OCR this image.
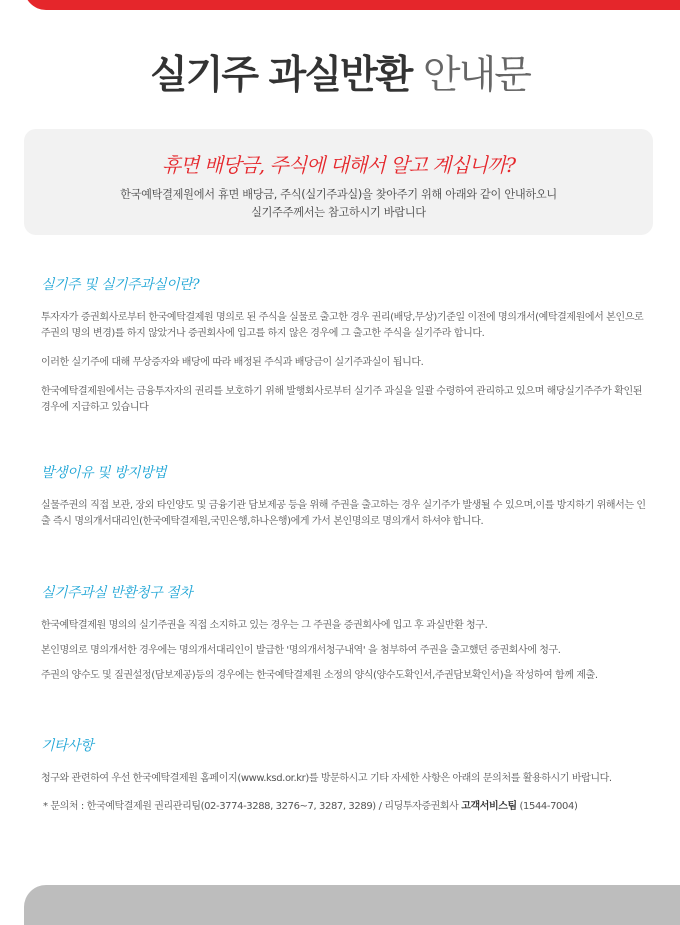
실기주 과실반환 안내문
휴면 배당금, 주식에 대해서 알고 계십니까?
한국예탁결제원에서 휴면 배당금, 주식(실기주과실)을 찾아주기 위해 아래와 같이 안내하오니
실기주주께서는 참고하시기 바랍니다
실기주 및 실기주과실이란?

투자자가 증권회사로부터 한국예탁결제원 명의로 된 주식을 실물로 출고한 경우 권리(배당,무상)기준일 이전에 명의개서(예탁결제원에서 본인으로 주권의 명의 변경)를 하지 않았거나 증권회사에 입고를 하지 않은 경우에 그 출고한 주식을 실기주라 합니다.

이러한 실기주에 대해 무상증자와 배당에 따라 배정된 주식과 배당금이 실기주과실이 됩니다.

한국예탁결제원에서는 금융투자자의 권리를 보호하기 위해 발행회사로부터 실기주 과실을 일괄 수령하여 관리하고 있으며 해당실기주주가 확인된 경우에 지급하고 있습니다

발생이유 및 방지방법

실물주권의 직접 보관, 장외 타인양도 및 금융기관 담보제공 등을 위해 주권을 출고하는 경우 실기주가 발생될 수 있으며,이를 방지하기 위해서는 인출 즉시 명의개서대리인(한국예탁결제원,국민은행,하나은행)에게 가서 본인명의로 명의개서 하셔야 합니다.

실기주과실 반환청구 절차

한국예탁결제원 명의의 실기주권을 직접 소지하고 있는 경우는 그 주권을 증권회사에 입고 후 과실반환 청구.

본인명의로 명의개서한 경우에는 명의개서대리인이 발급한 '명의개서청구내역' 을 첨부하여 주권을 출고했던 증권회사에 청구.

주권의 양수도 및 질권설정(담보제공)등의 경우에는 한국예탁결제원 소정의 양식(양수도확인서,주권담보확인서)을 작성하여 함께 제출.

기타사항

청구와 관련하여 우선 한국예탁결제원 홈페이지(www.ksd.or.kr)를 방문하시고 기타 자세한 사항은 아래의 문의처를 활용하시기 바랍니다.

* 문의처 : 한국예탁결제원 권리관리팀(02-3774-3288, 3276~7, 3287, 3289) / 리딩투자증권회사 고객서비스팀 (1544-7004)
